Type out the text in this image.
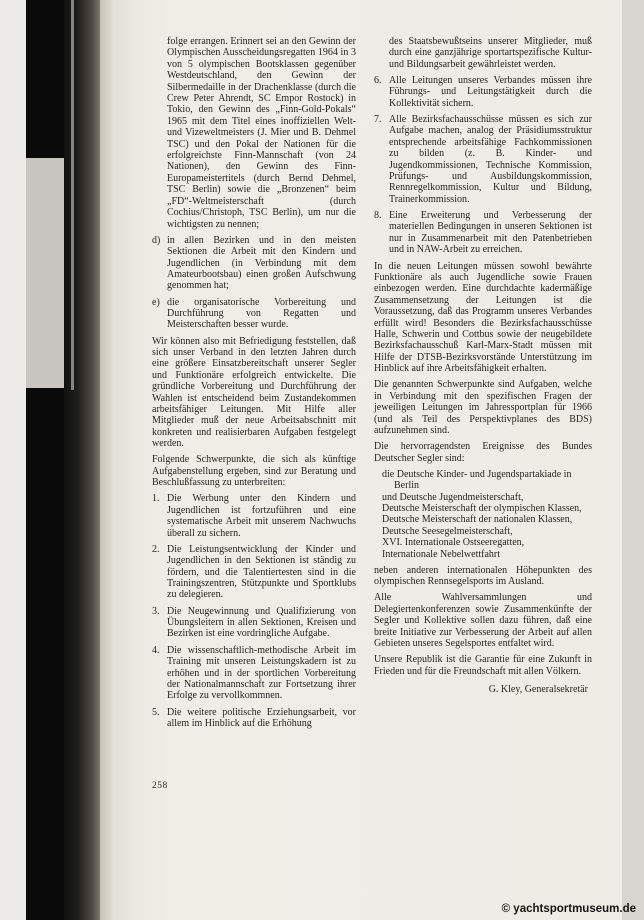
folge errangen. Erinnert sei an den Gewinn der Olympischen Ausscheidungsregatten 1964 in 3 von 5 olympischen Bootsklassen gegenüber Westdeutschland, den Gewinn der Silbermedaille in der Drachenklasse (durch die Crew Peter Ahrendt, SC Empor Rostock) in Tokio, den Gewinn des „Finn-Gold-Pokals“ 1965 mit dem Titel eines inoffiziellen Welt- und Vizeweltmeisters (J. Mier und B. Dehmel TSC) und den Pokal der Nationen für die erfolgreichste Finn-Mannschaft (von 24 Nationen), den Gewinn des Finn-Europameistertitels (durch Bernd Dehmel, TSC Berlin) sowie die „Bronzenen“ beim „FD“-Weltmeisterschaft (durch Cochius/Christoph, TSC Berlin), um nur die wichtigsten zu nennen;
d) in allen Bezirken und in den meisten Sektionen die Arbeit mit den Kindern und Jugendlichen (in Verbindung mit dem Amateurbootsbau) einen großen Aufschwung genommen hat;
e) die organisatorische Vorbereitung und Durchführung von Regatten und Meisterschaften besser wurde.
Wir können also mit Befriedigung feststellen, daß sich unser Verband in den letzten Jahren durch eine größere Einsatzbereitschaft unserer Segler und Funktionäre erfolgreich entwickelte. Die gründliche Vorbereitung und Durchführung der Wahlen ist entscheidend beim Zustandekommen arbeitsfähiger Leitungen. Mit Hilfe aller Mitglieder muß der neue Arbeitsabschnitt mit konkreten und realisierbaren Aufgaben festgelegt werden.
Folgende Schwerpunkte, die sich als künftige Aufgabenstellung ergeben, sind zur Beratung und Beschlußfassung zu unterbreiten:
1. Die Werbung unter den Kindern und Jugendlichen ist fortzuführen und eine systematische Arbeit mit unserem Nachwuchs überall zu sichern.
2. Die Leistungsentwicklung der Kinder und Jugendlichen in den Sektionen ist ständig zu fördern, und die Talentiertesten sind in die Trainingszentren, Stützpunkte und Sportklubs zu delegieren.
3. Die Neugewinnung und Qualifizierung von Übungsleitern in allen Sektionen, Kreisen und Bezirken ist eine vordringliche Aufgabe.
4. Die wissenschaftlich-methodische Arbeit im Training mit unseren Leistungskadern ist zu erhöhen und in der sportlichen Vorbereitung der Nationalmannschaft zur Fortsetzung ihrer Erfolge zu vervollkommnen.
5. Die weitere politische Erziehungsarbeit, vor allem im Hinblick auf die Erhöhung
des Staatsbewußtseins unserer Mitglieder, muß durch eine ganzjährige sportartspezifische Kultur- und Bildungsarbeit gewährleistet werden.
6. Alle Leitungen unseres Verbandes müssen ihre Führungs- und Leitungstätigkeit durch die Kollektivität sichern.
7. Alle Bezirksfachausschüsse müssen es sich zur Aufgabe machen, analog der Präsidiumsstruktur entsprechende arbeitsfähige Fachkommissionen zu bilden (z. B. Kinder- und Jugendkommissionen, Technische Kommission, Prüfungs- und Ausbildungskommission, Rennregelkommission, Kultur und Bildung, Trainerkommission.
8. Eine Erweiterung und Verbesserung der materiellen Bedingungen in unseren Sektionen ist nur in Zusammenarbeit mit den Patenbetrieben und in NAW-Arbeit zu erreichen.
In die neuen Leitungen müssen sowohl bewährte Funktionäre als auch Jugendliche sowie Frauen einbezogen werden. Eine durchdachte kadermäßige Zusammensetzung der Leitungen ist die Voraussetzung, daß das Programm unseres Verbandes erfüllt wird! Besonders die Bezirksfachausschüsse Halle, Schwerin und Cottbus sowie der neugebildete Bezirksfachausschuß Karl-Marx-Stadt müssen mit Hilfe der DTSB-Bezirksvorstände Unterstützung im Hinblick auf ihre Arbeitsfähigkeit erhalten.
Die genannten Schwerpunkte sind Aufgaben, welche in Verbindung mit den spezifischen Fragen der jeweiligen Leitungen im Jahressportplan für 1966 (und als Teil des Perspektivplanes des BDS) aufzunehmen sind.
Die hervorragendsten Ereignisse des Bundes Deutscher Segler sind:
die Deutsche Kinder- und Jugendspartakiade in Berlin
und Deutsche Jugendmeisterschaft,
Deutsche Meisterschaft der olympischen Klassen,
Deutsche Meisterschaft der nationalen Klassen,
Deutsche Seesegelmeisterschaft,
XVI. Internationale Ostseeregatten,
Internationale Nebelwettfahrt
neben anderen internationalen Höhepunkten des olympischen Rennsegelsports im Ausland.
Alle Wahlversammlungen und Delegiertenkonferenzen sowie Zusammenkünfte der Segler und Kollektive sollen dazu führen, daß eine breite Initiative zur Verbesserung der Arbeit auf allen Gebieten unseres Segelsportes entfaltet wird.
Unsere Republik ist die Garantie für eine Zukunft in Frieden und für die Freundschaft mit allen Völkern.
G. Kley, Generalsekretär
258
© yachtsportmuseum.de
